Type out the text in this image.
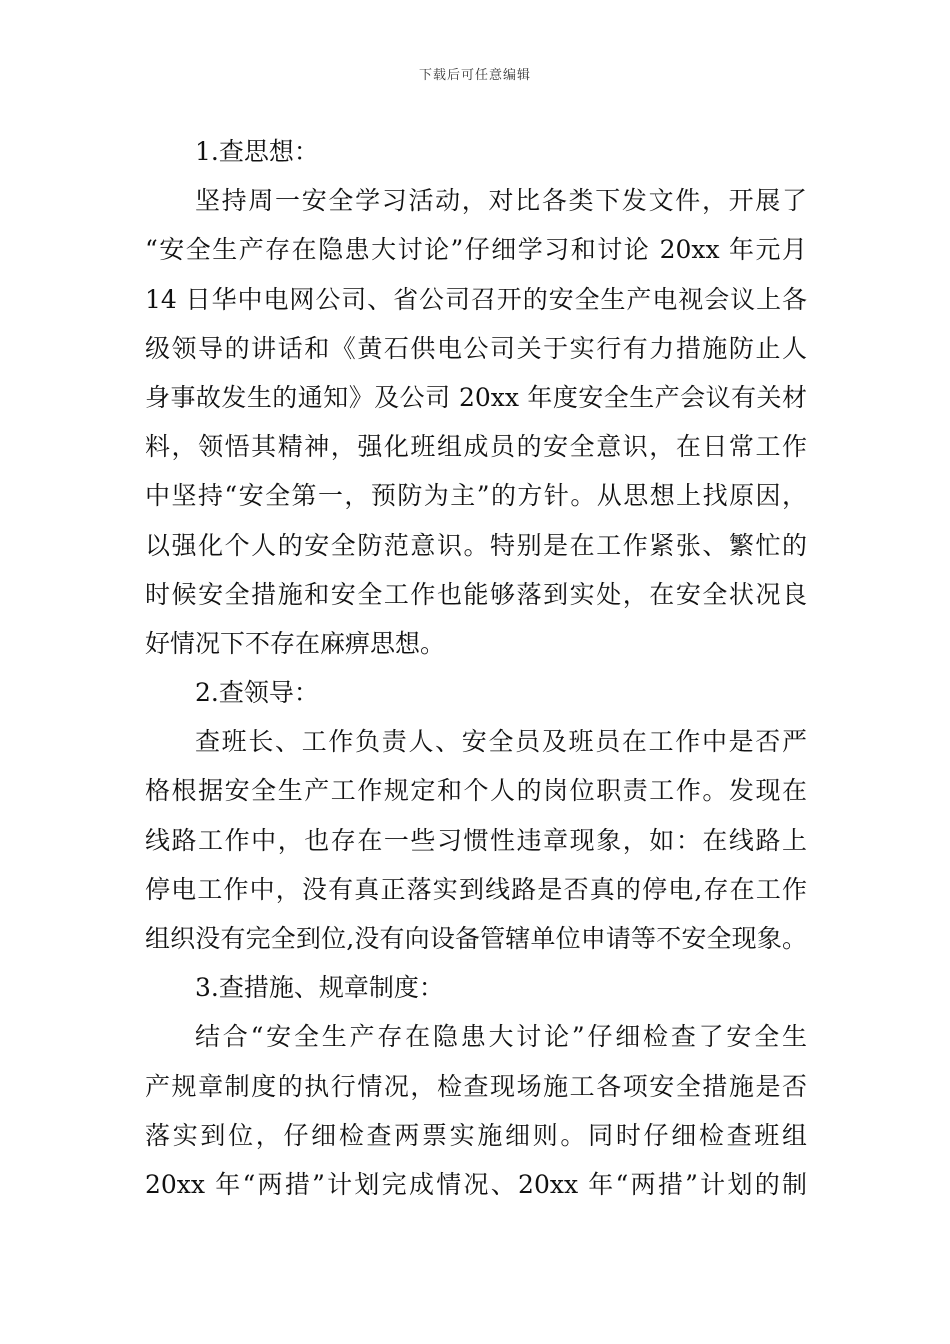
下载后可任意编辑
1.查思想：
坚持周一安全学习活动，对比各类下发文件，开展了
“安全生产存在隐患大讨论”仔细学习和讨论 20xx 年元月
14 日华中电网公司、省公司召开的安全生产电视会议上各
级领导的讲话和《黄石供电公司关于实行有力措施防止人
身事故发生的通知》及公司 20xx 年度安全生产会议有关材
料，领悟其精神，强化班组成员的安全意识，在日常工作
中坚持“安全第一，预防为主”的方针。从思想上找原因，
以强化个人的安全防范意识。特别是在工作紧张、繁忙的
时候安全措施和安全工作也能够落到实处，在安全状况良
好情况下不存在麻痹思想。
2.查领导：
查班长、工作负责人、安全员及班员在工作中是否严
格根据安全生产工作规定和个人的岗位职责工作。发现在
线路工作中，也存在一些习惯性违章现象，如：在线路上
停电工作中，没有真正落实到线路是否真的停电,存在工作
组织没有完全到位,没有向设备管辖单位申请等不安全现象。
3.查措施、规章制度：
结合“安全生产存在隐患大讨论”仔细检查了安全生
产规章制度的执行情况，检查现场施工各项安全措施是否
落实到位，仔细检查两票实施细则。同时仔细检查班组
20xx 年“两措”计划完成情况、20xx 年“两措”计划的制
